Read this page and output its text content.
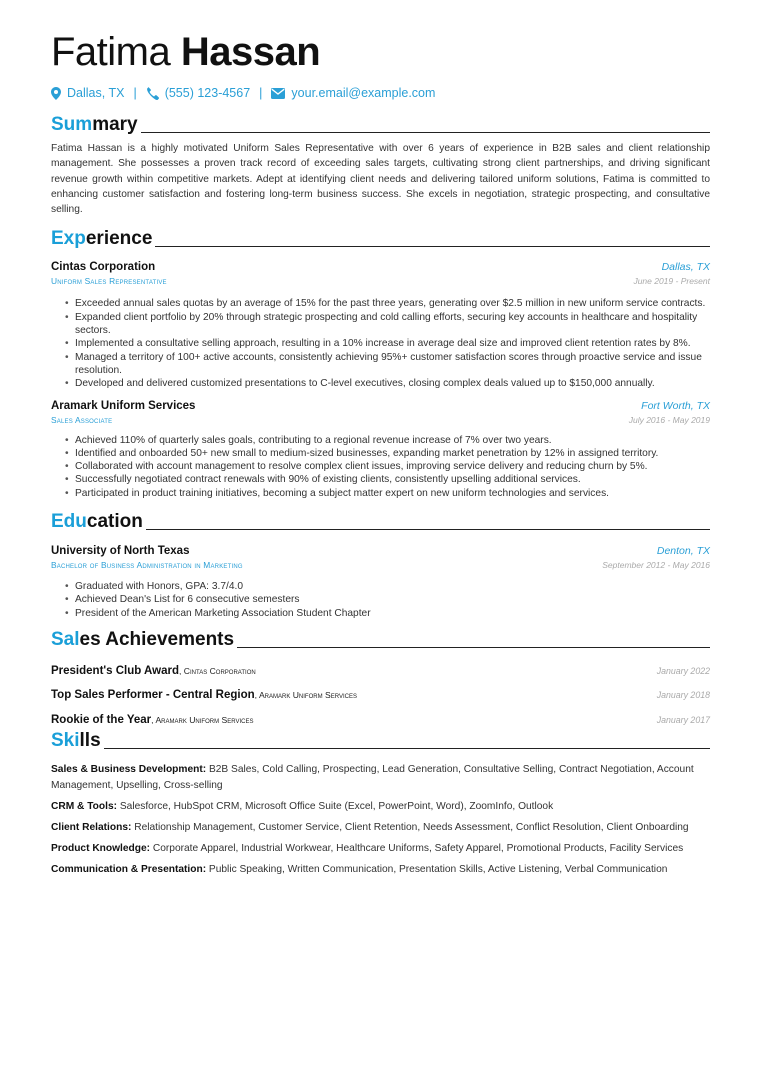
Fatima Hassan
Dallas, TX | (555) 123-4567 | your.email@example.com
Summary

Fatima Hassan is a highly motivated Uniform Sales Representative with over 6 years of experience in B2B sales and client relationship management. She possesses a proven track record of exceeding sales targets, cultivating strong client partnerships, and driving significant revenue growth within competitive markets. Adept at identifying client needs and delivering tailored uniform solutions, Fatima is committed to enhancing customer satisfaction and fostering long-term business success. She excels in negotiation, strategic prospecting, and consultative selling.

Experience
Cintas Corporation	Dallas, TX
Uniform Sales Representative	June 2019 - Present
• Exceeded annual sales quotas by an average of 15% for the past three years, generating over $2.5 million in new uniform service contracts.
• Expanded client portfolio by 20% through strategic prospecting and cold calling efforts, securing key accounts in healthcare and hospitality sectors.
• Implemented a consultative selling approach, resulting in a 10% increase in average deal size and improved client retention rates by 8%.
• Managed a territory of 100+ active accounts, consistently achieving 95%+ customer satisfaction scores through proactive service and issue resolution.
• Developed and delivered customized presentations to C-level executives, closing complex deals valued up to $150,000 annually.
Aramark Uniform Services	Fort Worth, TX
Sales Associate	July 2016 - May 2019
• Achieved 110% of quarterly sales goals, contributing to a regional revenue increase of 7% over two years.
• Identified and onboarded 50+ new small to medium-sized businesses, expanding market penetration by 12% in assigned territory.
• Collaborated with account management to resolve complex client issues, improving service delivery and reducing churn by 5%.
• Successfully negotiated contract renewals with 90% of existing clients, consistently upselling additional services.
• Participated in product training initiatives, becoming a subject matter expert on new uniform technologies and services.
Education
University of North Texas	Denton, TX
Bachelor of Business Administration in Marketing	September 2012 - May 2016
• Graduated with Honors, GPA: 3.7/4.0
• Achieved Dean's List for 6 consecutive semesters
• President of the American Marketing Association Student Chapter
Sales Achievements
President's Club Award, Cintas Corporation	January 2022
Top Sales Performer - Central Region, Aramark Uniform Services	January 2018
Rookie of the Year, Aramark Uniform Services	January 2017
Skills

Sales & Business Development: B2B Sales, Cold Calling, Prospecting, Lead Generation, Consultative Selling, Contract Negotiation, Account Management, Upselling, Cross-selling

CRM & Tools: Salesforce, HubSpot CRM, Microsoft Office Suite (Excel, PowerPoint, Word), ZoomInfo, Outlook

Client Relations: Relationship Management, Customer Service, Client Retention, Needs Assessment, Conflict Resolution, Client Onboarding

Product Knowledge: Corporate Apparel, Industrial Workwear, Healthcare Uniforms, Safety Apparel, Promotional Products, Facility Services

Communication & Presentation: Public Speaking, Written Communication, Presentation Skills, Active Listening, Verbal Communication
